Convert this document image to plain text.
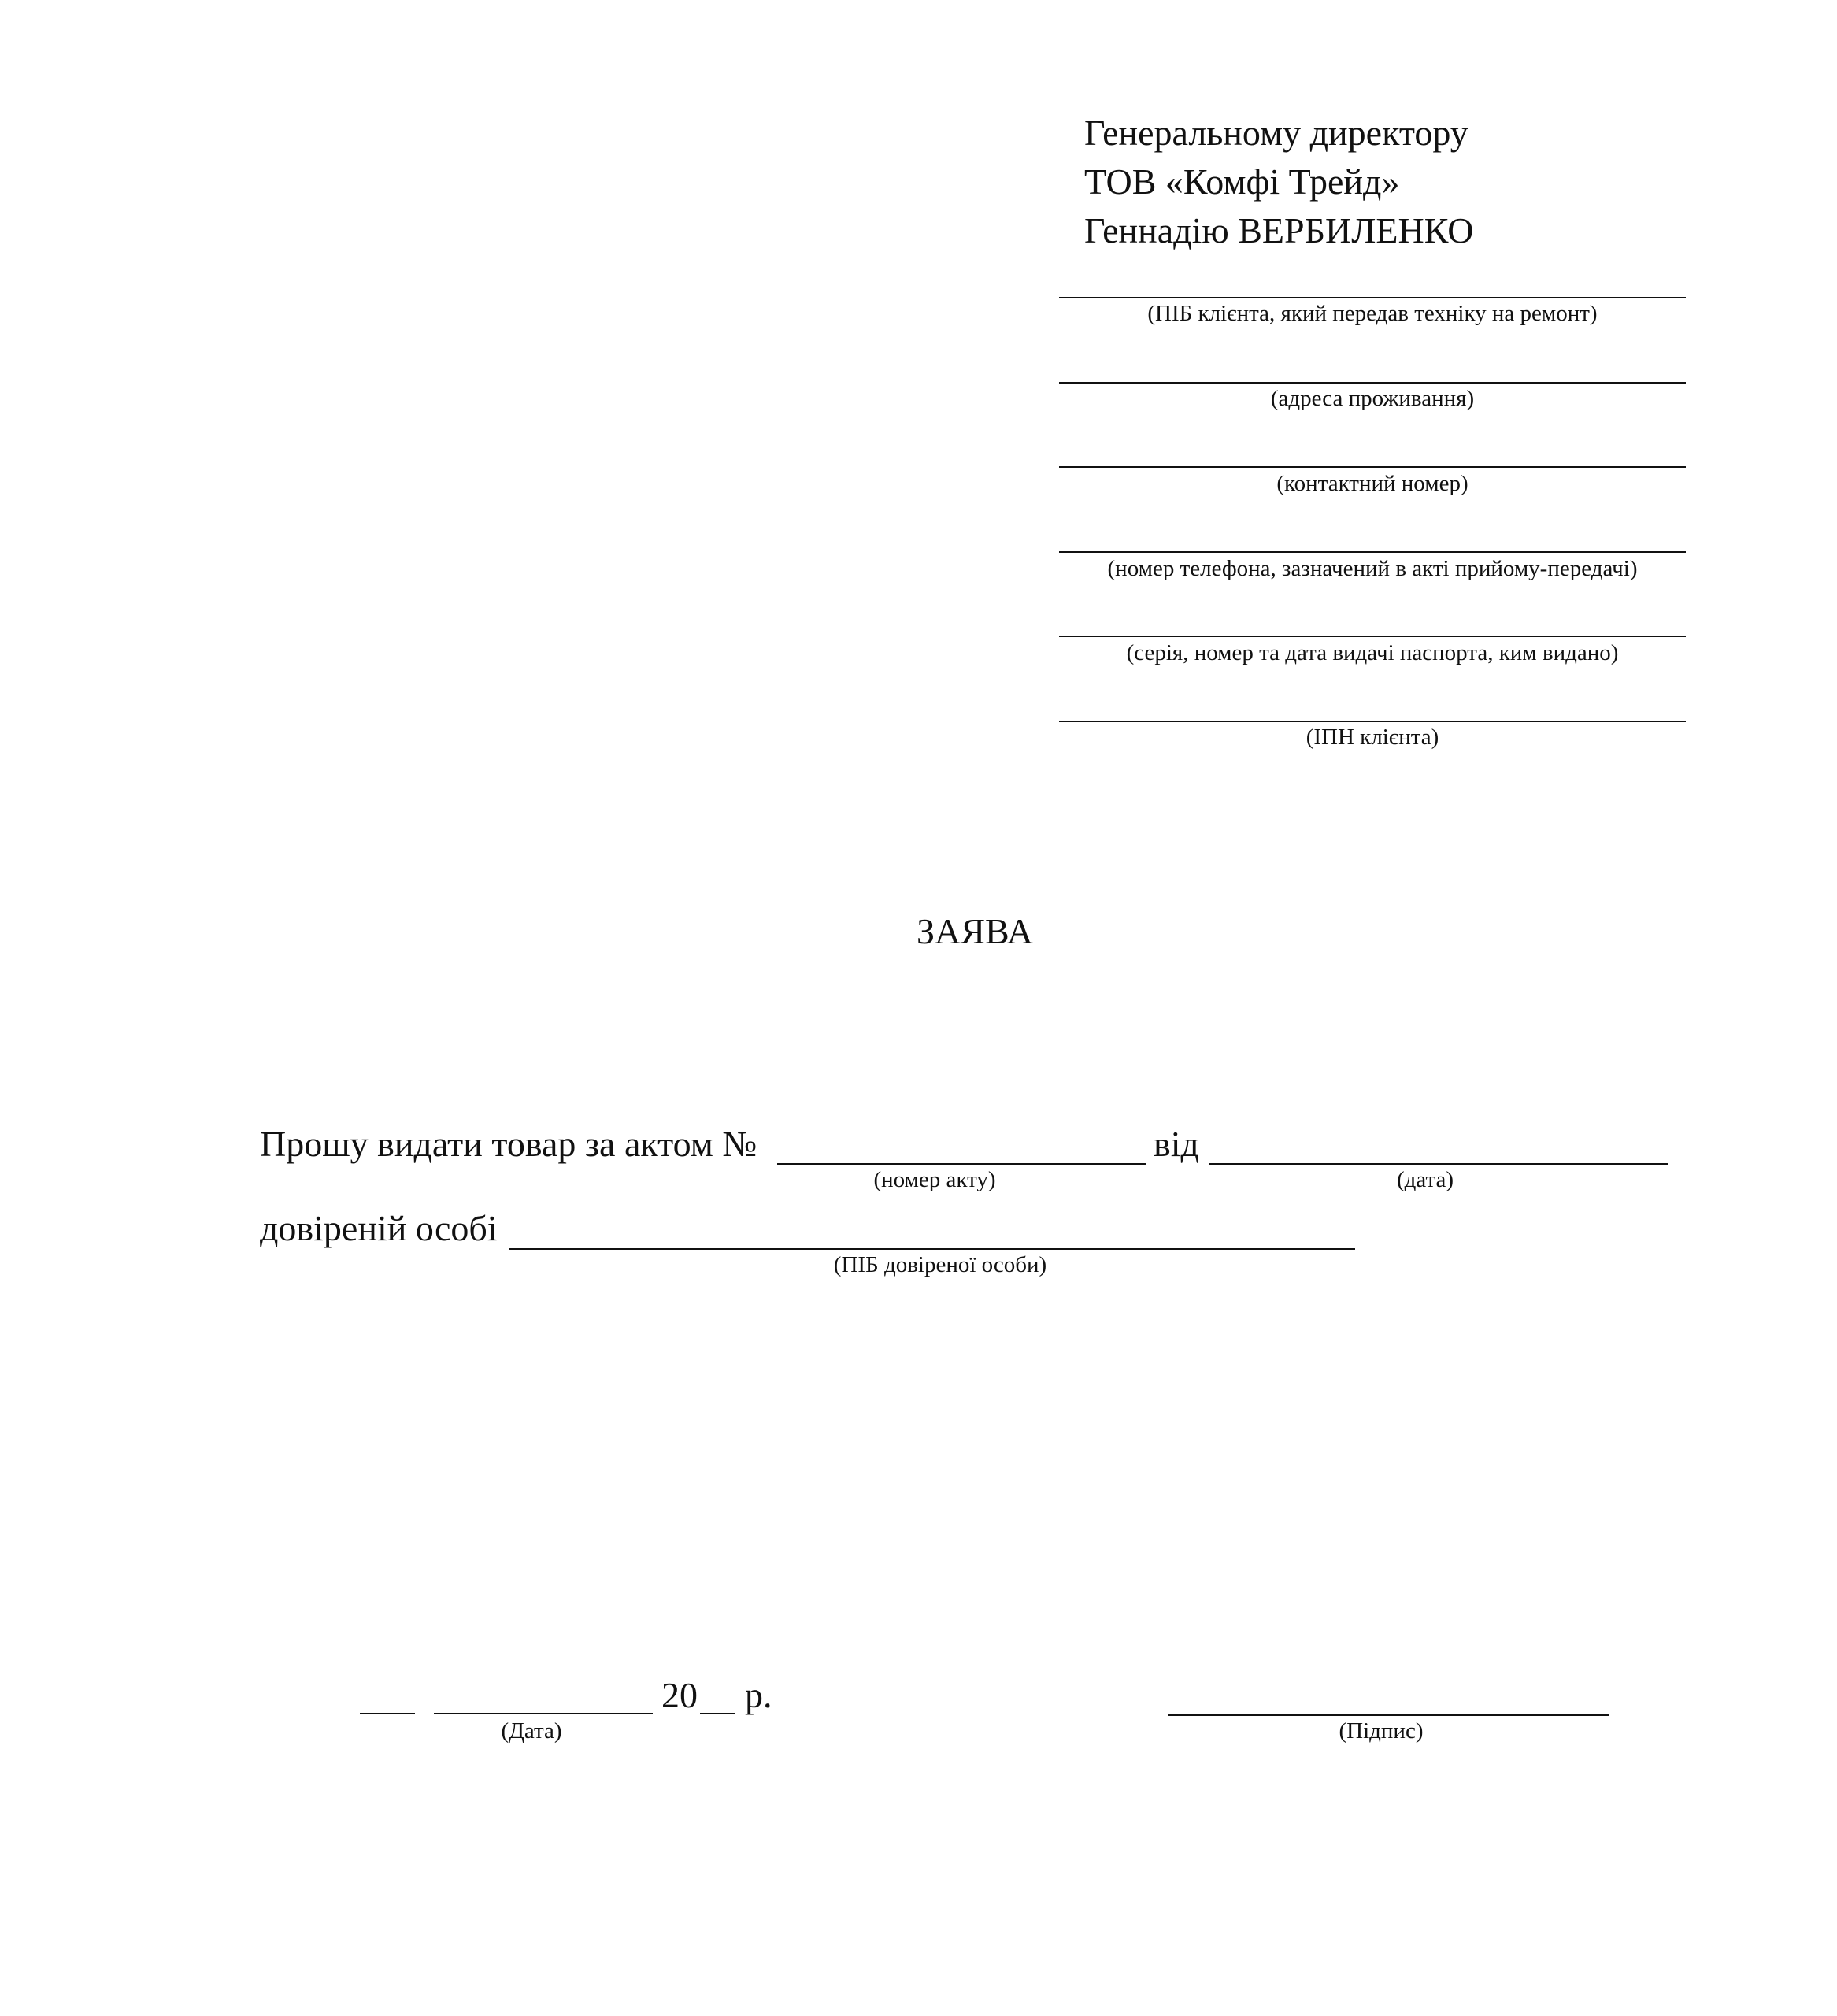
Генеральному директору
ТОВ «Комфі Трейд»
Геннадію ВЕРБИЛЕНКО
(ПІБ клієнта, який передав техніку на ремонт)
(адреса проживання)
(контактний номер)
(номер телефона, зазначений в акті прийому-передачі)
(серія, номер та дата видачі паспорта, ким видано)
(ІПН клієнта)
ЗАЯВА
Прошу видати товар за актом №
(номер акту)
від
(дата)
довіреній особі
(ПІБ довіреної особи)
20 р.
(Дата)	(Підпис)
